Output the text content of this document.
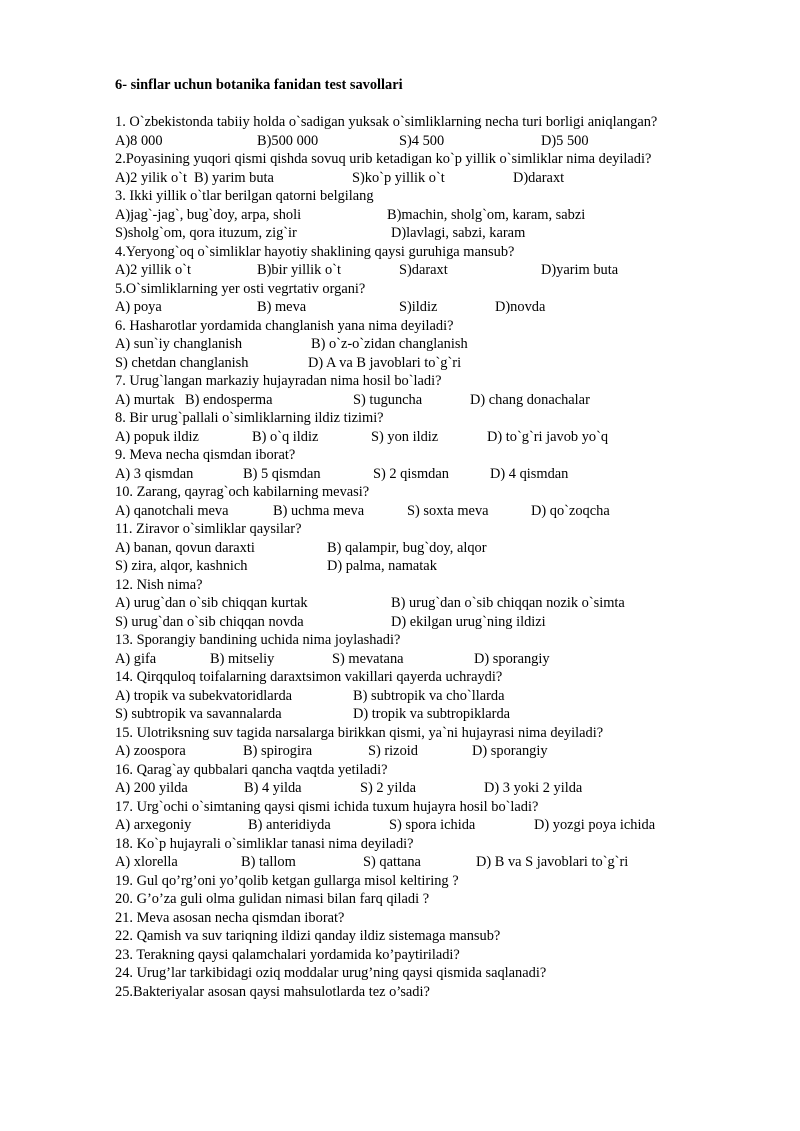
6- sinflar uchun botanika fanidan test savollari
1. O`zbekistonda tabiiy holda o`sadigan yuksak o`simliklarning necha turi borligi aniqlangan?
A)8 000	B)500 000	S)4 500	D)5 500
2.Poyasining yuqori qismi qishda sovuq urib ketadigan ko`p yillik o`simliklar nima deyiladi?
A)2 yilik o`t B) yarim buta	S)ko`p yillik o`t	D)daraxt
3. Ikki yillik o`tlar berilgan qatorni belgilang
A)jag`-jag`, bug`doy, arpa, sholi	B)machin, sholg`om, karam, sabzi
S)sholg`om, qora ituzum, zig`ir	D)lavlagi, sabzi, karam
4.Yeryong`oq o`simliklar hayotiy shaklining qaysi guruhiga mansub?
A)2 yillik o`t	B)bir yillik o`t	S)daraxt	D)yarim buta
5.O`simliklarning yer osti vegrtativ organi?
A) poya	B) meva	S)ildiz	D)novda
6. Hasharotlar yordamida changlanish yana nima deyiladi?
A) sun`iy changlanish	B) o`z-o`zidan changlanish
S) chetdan changlanish	D) A va B javoblari to`g`ri
7. Urug`langan markaziy hujayradan nima hosil bo`ladi?
A) murtak B) endosperma	S) tuguncha	D) chang donachalar
8. Bir urug`pallali o`simliklarning ildiz tizimi?
A) popuk ildiz	B) o`q ildiz	S) yon ildiz	D) to`g`ri javob yo`q
9. Meva necha qismdan iborat?
A) 3 qismdan	B) 5 qismdan	S) 2 qismdan	D) 4 qismdan
10. Zarang, qayrag`och kabilarning mevasi?
A) qanotchali meva	B) uchma meva	S) soxta meva	D) qo`zoqcha
11. Ziravor o`simliklar qaysilar?
A) banan, qovun daraxti	B) qalampir, bug`doy, alqor
S) zira, alqor, kashnich	D) palma, namatak
12. Nish nima?
A) urug`dan o`sib chiqqan kurtak	B) urug`dan o`sib chiqqan nozik o`simta
S) urug`dan o`sib chiqqan novda	D) ekilgan urug`ning ildizi
13. Sporangiy bandining uchida nima joylashadi?
A) gifa	B) mitseliy	S) mevatana	D) sporangiy
14. Qirqquloq toifalarning daraxtsimon vakillari qayerda uchraydi?
A) tropik va subekvatoridlarda	B) subtropik va cho`llarda
S) subtropik va savannalarda	D) tropik va subtropiklarda
15. Ulotriksning suv tagida narsalarga birikkan qismi, ya`ni hujayrasi nima deyiladi?
A) zoospora	B) spirogira	S) rizoid	D) sporangiy
16. Qarag`ay qubbalari qancha vaqtda yetiladi?
A) 200 yilda	B) 4 yilda	S) 2 yilda	D) 3 yoki 2 yilda
17. Urg`ochi o`simtaning qaysi qismi ichida tuxum hujayra hosil bo`ladi?
A) arxegoniy	B) anteridiyda	S) spora ichida	D) yozgi poya ichida
18. Ko`p hujayrali o`simliklar tanasi nima deyiladi?
A) xlorella	B) tallom	S) qattana	D) B va S javoblari to`g`ri
19. Gul qo’rg’oni yo’qolib ketgan gullarga misol keltiring ?
20. G’o’za guli olma gulidan nimasi bilan farq qiladi ?
21. Meva asosan necha qismdan iborat?
22. Qamish va suv tariqning ildizi qanday ildiz sistemaga mansub?
23. Terakning qaysi qalamchalari yordamida ko’paytiriladi?
24. Urug’lar tarkibidagi oziq moddalar urug’ning qaysi qismida saqlanadi?
25.Bakteriyalar asosan qaysi mahsulotlarda tez o’sadi?
